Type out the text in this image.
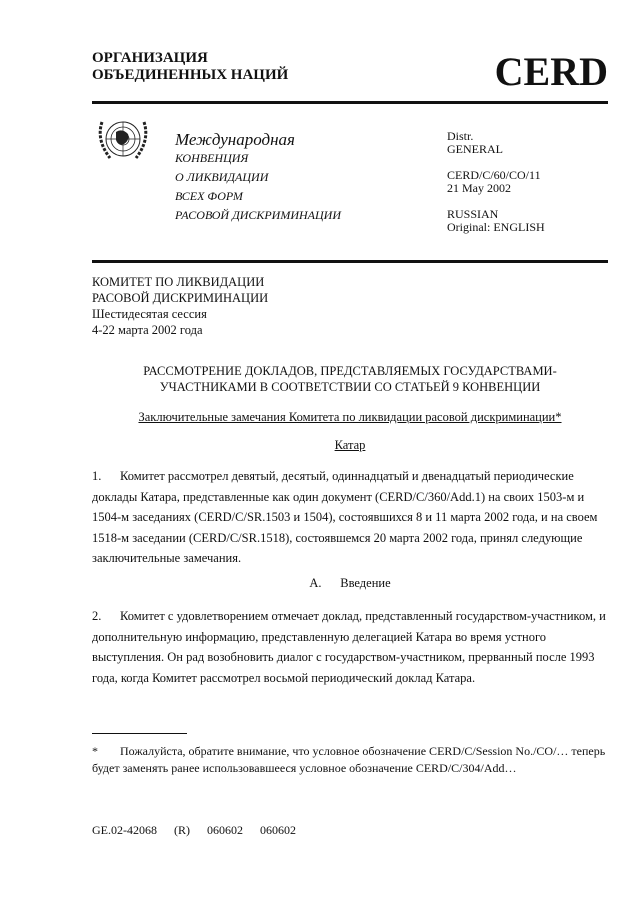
ОРГАНИЗАЦИЯ
ОБЪЕДИНЕННЫХ НАЦИЙ	CERD
Международная
КОНВЕНЦИЯ
О ЛИКВИДАЦИИ
ВСЕХ ФОРМ
РАСОВОЙ ДИСКРИМИНАЦИИ
Distr.
GENERAL
CERD/C/60/CO/11
21 May 2002
RUSSIAN
Original: ENGLISH
КОМИТЕТ ПО ЛИКВИДАЦИИ
РАСОВОЙ ДИСКРИМИНАЦИИ
Шестидесятая сессия
4-22 марта 2002 года
РАССМОТРЕНИЕ ДОКЛАДОВ, ПРЕДСТАВЛЯЕМЫХ ГОСУДАРСТВАМИ-
УЧАСТНИКАМИ В СООТВЕТСТВИИ СО СТАТЬЕЙ 9 КОНВЕНЦИИ
Заключительные замечания Комитета по ликвидации расовой дискриминации*
Катар
1. Комитет рассмотрел девятый, десятый, одиннадцатый и двенадцатый периодические доклады Катара, представленные как один документ (CERD/C/360/Add.1) на своих 1503-м и 1504-м заседаниях (CERD/C/SR.1503 и 1504), состоявшихся 8 и 11 марта 2002 года, и на своем 1518-м заседании (CERD/C/SR.1518), состоявшемся 20 марта 2002 года, принял следующие заключительные замечания.
A. Введение
2. Комитет с удовлетворением отмечает доклад, представленный государством-участником, и дополнительную информацию, представленную делегацией Катара во время устного выступления. Он рад возобновить диалог с государством-участником, прерванный после 1993 года, когда Комитет рассмотрел восьмой периодический доклад Катара.
* Пожалуйста, обратите внимание, что условное обозначение CERD/C/Session No./CO/… теперь будет заменять ранее использовавшееся условное обозначение CERD/C/304/Add…
GE.02-42068 (R) 060602 060602
